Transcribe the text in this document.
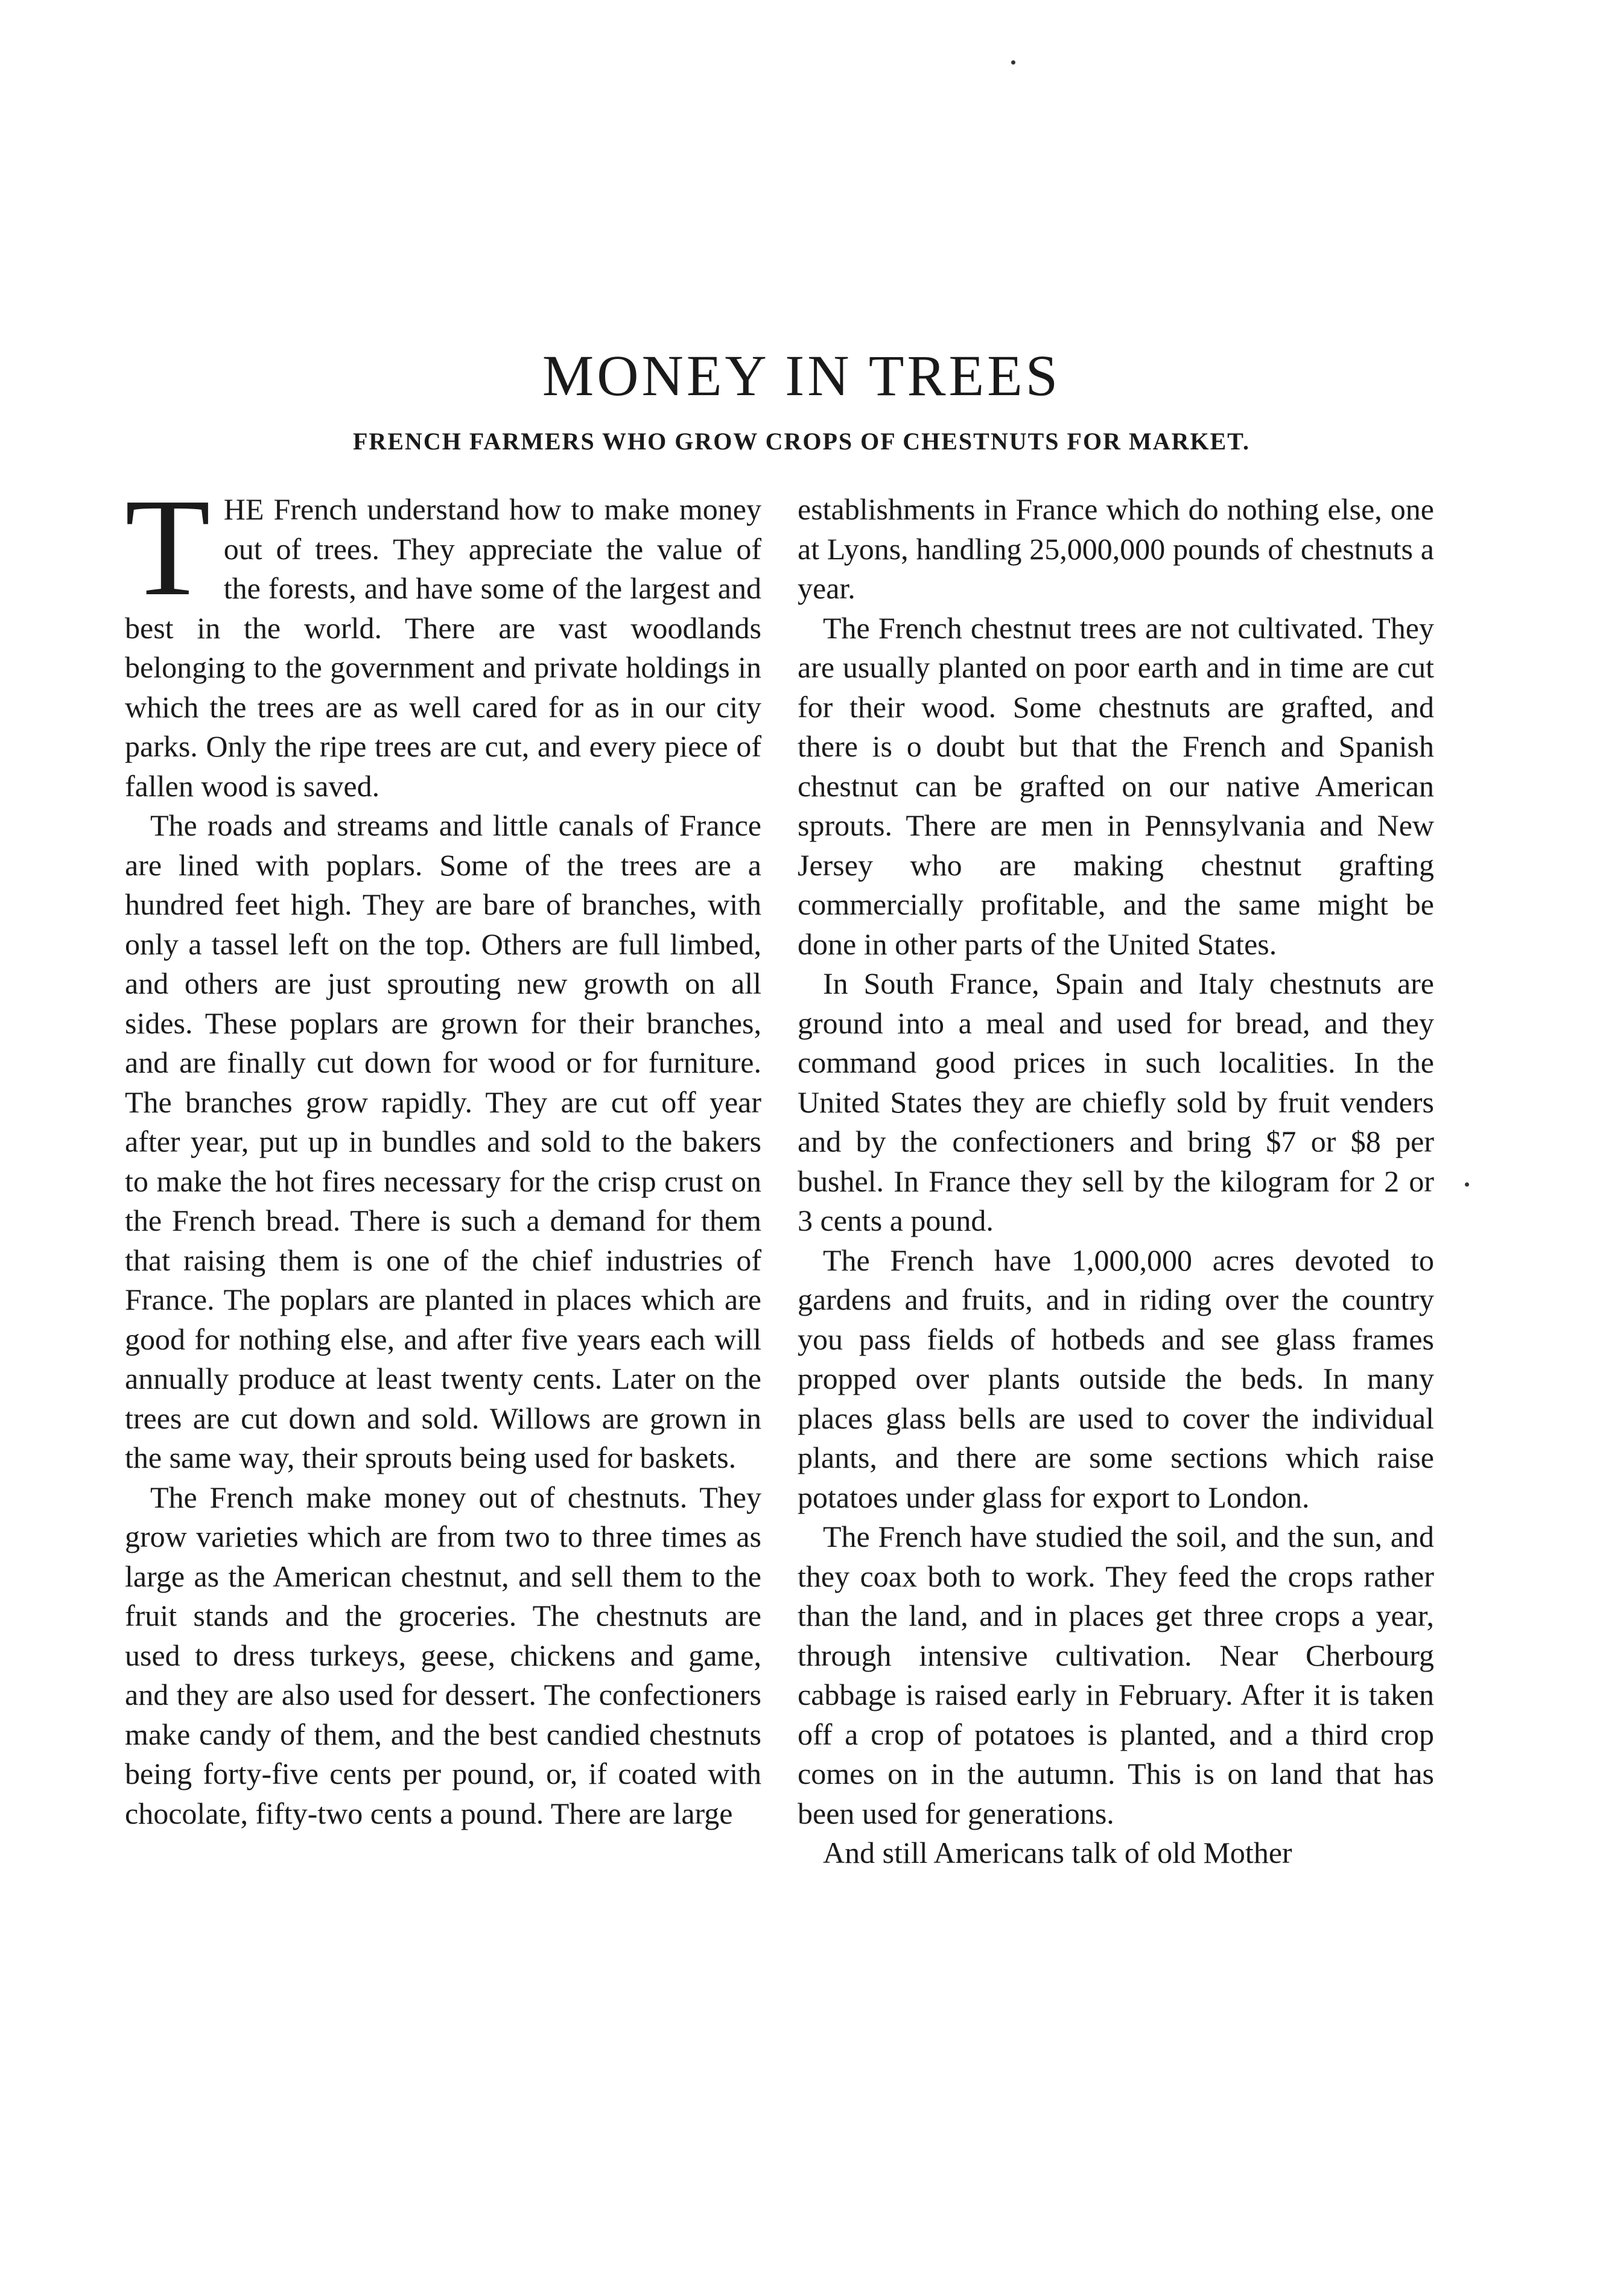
MONEY IN TREES
FRENCH FARMERS WHO GROW CROPS OF CHESTNUTS FOR MARKET.

THE French understand how to make money out of trees. They appreciate the value of the forests, and have some of the largest and best in the world. There are vast woodlands belonging to the government and private holdings in which the trees are as well cared for as in our city parks. Only the ripe trees are cut, and every piece of fallen wood is saved.

The roads and streams and little canals of France are lined with poplars. Some of the trees are a hundred feet high. They are bare of branches, with only a tassel left on the top. Others are full limbed, and others are just sprouting new growth on all sides. These poplars are grown for their branches, and are finally cut down for wood or for furniture. The branches grow rapidly. They are cut off year after year, put up in bundles and sold to the bakers to make the hot fires necessary for the crisp crust on the French bread. There is such a demand for them that raising them is one of the chief industries of France. The poplars are planted in places which are good for nothing else, and after five years each will annually produce at least twenty cents. Later on the trees are cut down and sold. Willows are grown in the same way, their sprouts being used for baskets.

The French make money out of chestnuts. They grow varieties which are from two to three times as large as the American chestnut, and sell them to the fruit stands and the groceries. The chestnuts are used to dress turkeys, geese, chickens and game, and they are also used for dessert. The confectioners make candy of them, and the best candied chestnuts being forty-five cents per pound, or, if coated with chocolate, fifty-two cents a pound. There are large

establishments in France which do nothing else, one at Lyons, handling 25,000,000 pounds of chestnuts a year.

The French chestnut trees are not cultivated. They are usually planted on poor earth and in time are cut for their wood. Some chestnuts are grafted, and there is o doubt but that the French and Spanish chestnut can be grafted on our native American sprouts. There are men in Pennsylvania and New Jersey who are making chestnut grafting commercially profitable, and the same might be done in other parts of the United States.

In South France, Spain and Italy chestnuts are ground into a meal and used for bread, and they command good prices in such localities. In the United States they are chiefly sold by fruit venders and by the confectioners and bring $7 or $8 per bushel. In France they sell by the kilogram for 2 or 3 cents a pound.

The French have 1,000,000 acres devoted to gardens and fruits, and in riding over the country you pass fields of hotbeds and see glass frames propped over plants outside the beds. In many places glass bells are used to cover the individual plants, and there are some sections which raise potatoes under glass for export to London.

The French have studied the soil, and the sun, and they coax both to work. They feed the crops rather than the land, and in places get three crops a year, through intensive cultivation. Near Cherbourg cabbage is raised early in February. After it is taken off a crop of potatoes is planted, and a third crop comes on in the autumn. This is on land that has been used for generations.

And still Americans talk of old Mother
